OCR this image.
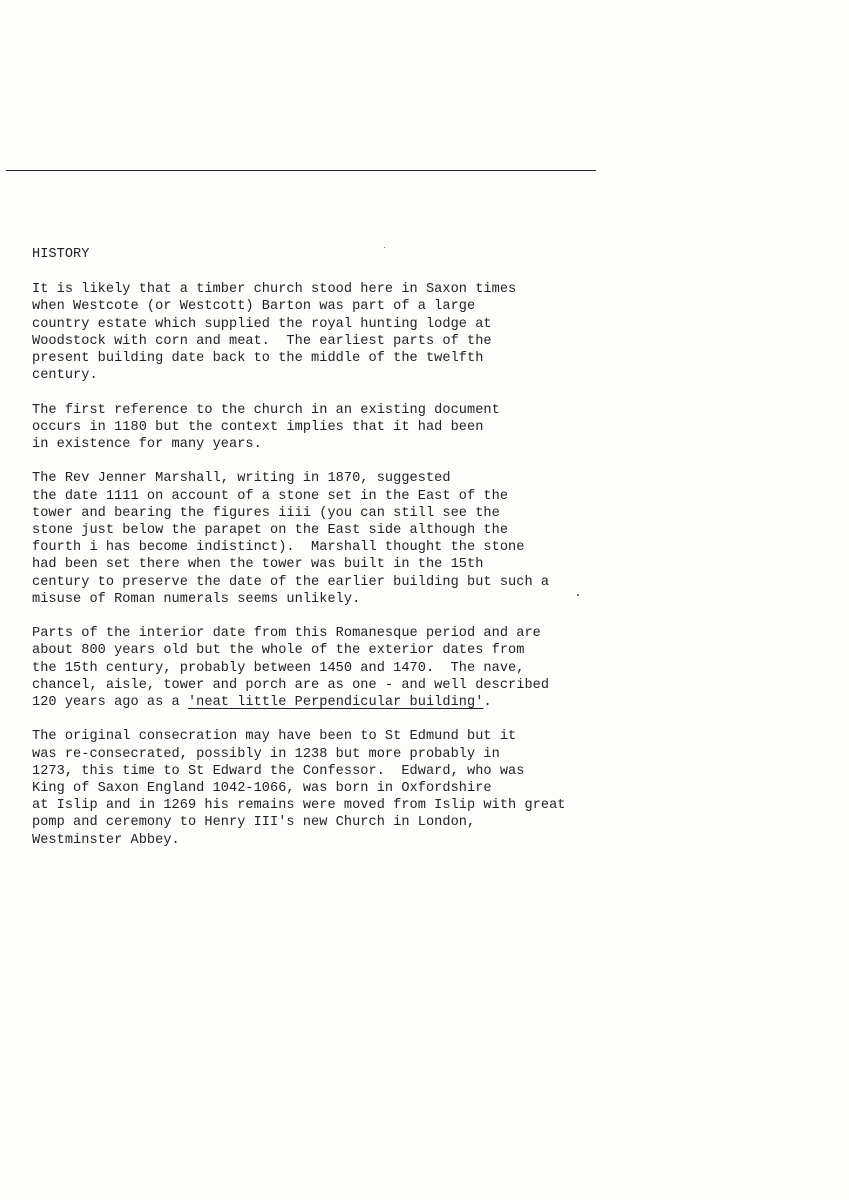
HISTORY
It is likely that a timber church stood here in Saxon times
when Westcote (or Westcott) Barton was part of a large
country estate which supplied the royal hunting lodge at
Woodstock with corn and meat.  The earliest parts of the
present building date back to the middle of the twelfth
century.
The first reference to the church in an existing document
occurs in 1180 but the context implies that it had been
in existence for many years.
The Rev Jenner Marshall, writing in 1870, suggested
the date 1111 on account of a stone set in the East of the
tower and bearing the figures iiii (you can still see the
stone just below the parapet on the East side although the
fourth i has become indistinct).  Marshall thought the stone
had been set there when the tower was built in the 15th
century to preserve the date of the earlier building but such a
misuse of Roman numerals seems unlikely.
Parts of the interior date from this Romanesque period and are
about 800 years old but the whole of the exterior dates from
the 15th century, probably between 1450 and 1470.  The nave,
chancel, aisle, tower and porch are as one - and well described
120 years ago as a 'neat little Perpendicular building'.
The original consecration may have been to St Edmund but it
was re-consecrated, possibly in 1238 but more probably in
1273, this time to St Edward the Confessor.  Edward, who was
King of Saxon England 1042-1066, was born in Oxfordshire
at Islip and in 1269 his remains were moved from Islip with great
pomp and ceremony to Henry III's new Church in London,
Westminster Abbey.
